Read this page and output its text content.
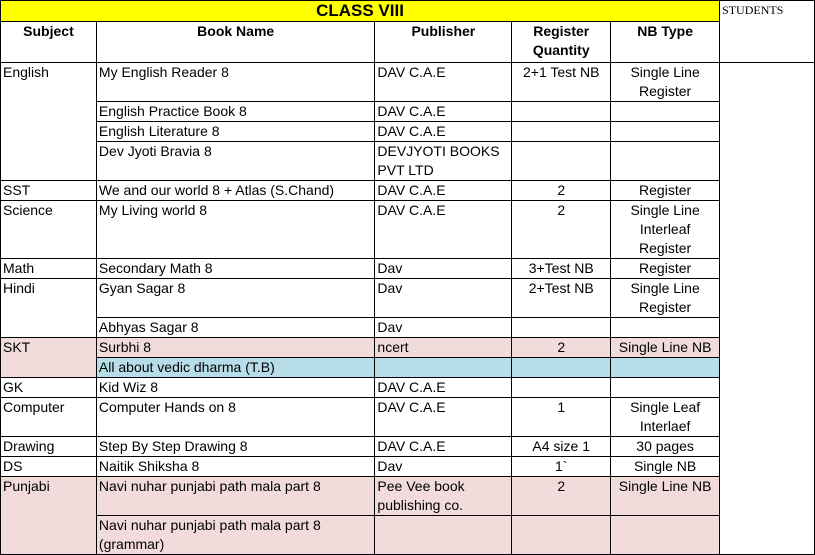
CLASS VIII					STUDENTS
Subject	Book Name	Publisher	Register Quantity	NB Type	
English	My English Reader 8	DAV C.A.E	2+1 Test NB	Single Line Register	
	English Practice Book 8	DAV C.A.E			
	English Literature 8	DAV C.A.E			
	Dev Jyoti Bravia 8	DEVJYOTI BOOKS PVT LTD			
SST	We and our world 8 + Atlas (S.Chand)	DAV C.A.E	2	Register	
Science	My Living world 8	DAV C.A.E	2	Single Line Interleaf Register	
Math	Secondary Math 8	Dav	3+Test NB	Register	
Hindi	Gyan Sagar 8	Dav	2+Test NB	Single Line Register	
	Abhyas Sagar 8	Dav			
SKT	Surbhi 8	ncert	2	Single Line NB	
	All about vedic dharma (T.B)				
GK	Kid Wiz 8	DAV C.A.E			
Computer	Computer Hands on 8	DAV C.A.E	1	Single Leaf Interlaef	
Drawing	Step By Step Drawing 8	DAV C.A.E	A4 size 1	30 pages	
DS	Naitik Shiksha 8	Dav	1`	Single NB	
Punjabi	Navi nuhar punjabi path mala part 8	Pee Vee book publishing co.	2	Single Line NB	
	Navi nuhar punjabi path mala part 8 (grammar)				
